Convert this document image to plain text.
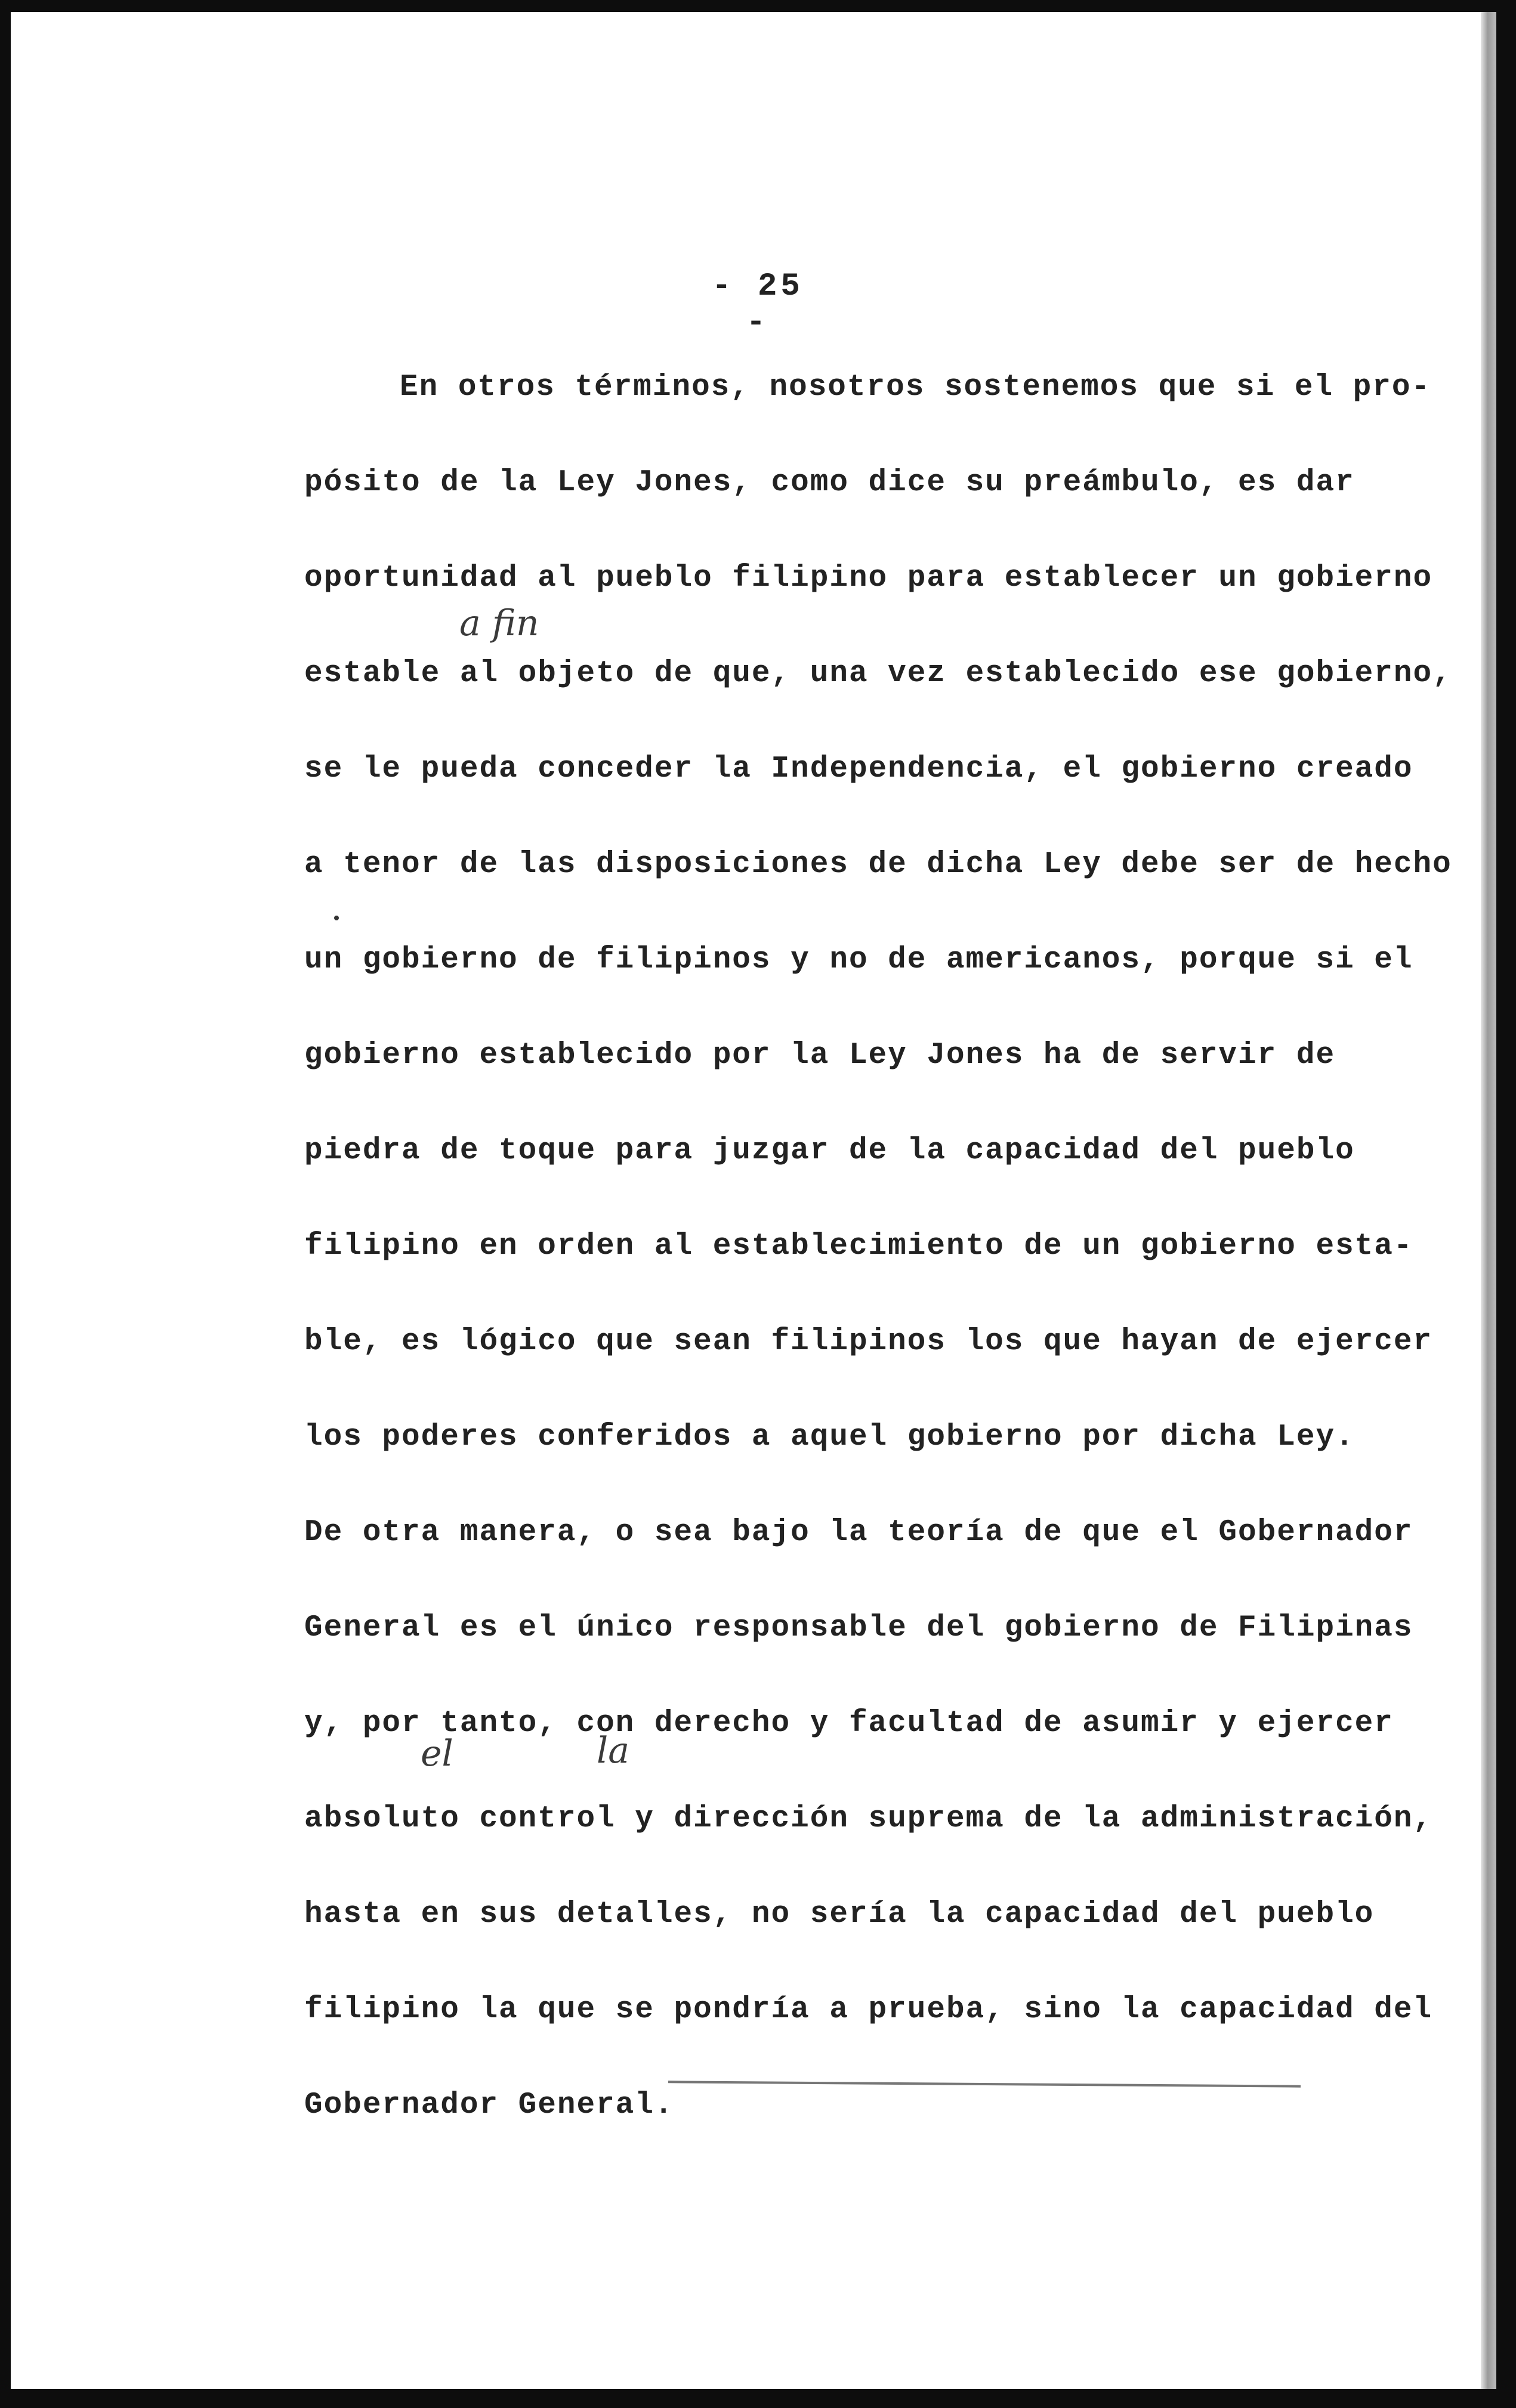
- 25 -
En otros términos, nosotros sostenemos que si el pro-
pósito de la Ley Jones, como dice su preámbulo, es dar
oportunidad al pueblo filipino para establecer un gobierno
estable al objeto de que, una vez establecido ese gobierno,
se le pueda conceder la Independencia, el gobierno creado
a tenor de las disposiciones de dicha Ley debe ser de hecho
un gobierno de filipinos y no de americanos, porque si el
gobierno establecido por la Ley Jones ha de servir de
piedra de toque para juzgar de la capacidad del pueblo
filipino en orden al establecimiento de un gobierno esta-
ble, es lógico que sean filipinos los que hayan de ejercer
los poderes conferidos a aquel gobierno por dicha Ley.
De otra manera, o sea bajo la teoría de que el Gobernador
General es el único responsable del gobierno de Filipinas
y, por tanto, con derecho y facultad de asumir y ejercer
absoluto control y dirección suprema de la administración,
hasta en sus detalles, no sería la capacidad del pueblo
filipino la que se pondría a prueba, sino la capacidad del
Gobernador General.
a fin
el	la
